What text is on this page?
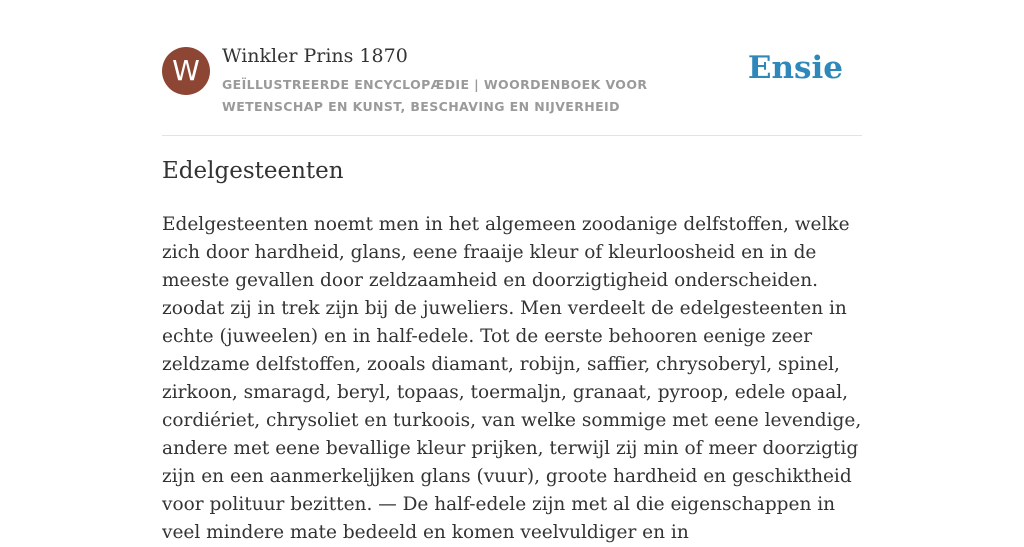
W	Winkler Prins 1870
GEÏLLUSTREERDE ENCYCLOPÆDIE | WOORDENBOEK VOOR WETENSCHAP EN KUNST, BESCHAVING EN NIJVERHEID
Ensie
Edelgesteenten

Edelgesteenten noemt men in het algemeen zoodanige delfstoffen, welke zich door hardheid, glans, eene fraaije kleur of kleurloosheid en in de meeste gevallen door zeldzaamheid en doorzigtigheid onderscheiden. zoodat zij in trek zijn bij de juweliers. Men verdeelt de edelgesteenten in echte (juweelen) en in half-edele. Tot de eerste behooren eenige zeer zeldzame delfstoffen, zooals diamant, robijn, saffier, chrysoberyl, spinel, zirkoon, smaragd, beryl, topaas, toermaljn, granaat, pyroop, edele opaal, cordiériet, chrysoliet en turkoois, van welke sommige met eene levendige, andere met eene bevallige kleur prijken, terwijl zij min of meer doorzigtig zijn en een aanmerkeljjken glans (vuur), groote hardheid en geschiktheid voor polituur bezitten. — De half-edele zijn met al die eigenschappen in veel mindere mate bedeeld en komen veelvuldiger en in
